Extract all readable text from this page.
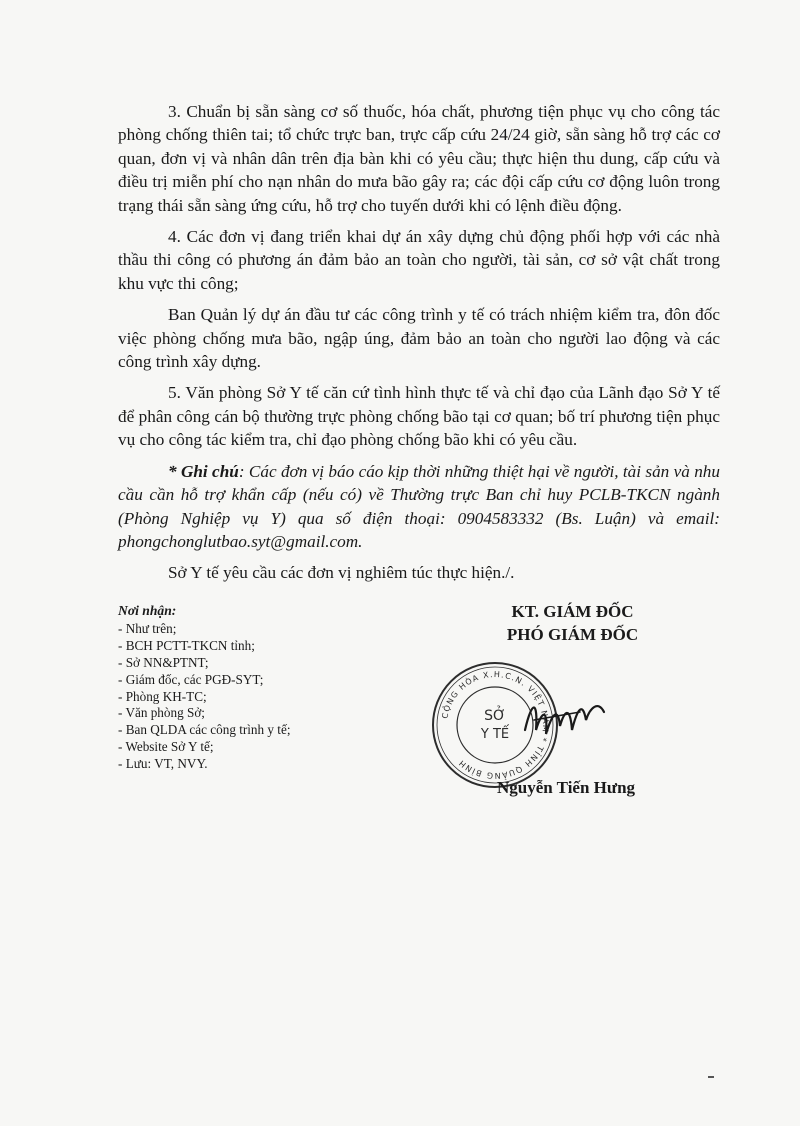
3. Chuẩn bị sẵn sàng cơ số thuốc, hóa chất, phương tiện phục vụ cho công tác phòng chống thiên tai; tổ chức trực ban, trực cấp cứu 24/24 giờ, sẵn sàng hỗ trợ các cơ quan, đơn vị và nhân dân trên địa bàn khi có yêu cầu; thực hiện thu dung, cấp cứu và điều trị miễn phí cho nạn nhân do mưa bão gây ra; các đội cấp cứu cơ động luôn trong trạng thái sẵn sàng ứng cứu, hỗ trợ cho tuyến dưới khi có lệnh điều động.

4. Các đơn vị đang triển khai dự án xây dựng chủ động phối hợp với các nhà thầu thi công có phương án đảm bảo an toàn cho người, tài sản, cơ sở vật chất trong khu vực thi công;

Ban Quản lý dự án đầu tư các công trình y tế có trách nhiệm kiểm tra, đôn đốc việc phòng chống mưa bão, ngập úng, đảm bảo an toàn cho người lao động và các công trình xây dựng.

5. Văn phòng Sở Y tế căn cứ tình hình thực tế và chỉ đạo của Lãnh đạo Sở Y tế để phân công cán bộ thường trực phòng chống bão tại cơ quan; bố trí phương tiện phục vụ cho công tác kiểm tra, chỉ đạo phòng chống bão khi có yêu cầu.

* Ghi chú: Các đơn vị báo cáo kịp thời những thiệt hại về người, tài sản và nhu cầu cần hỗ trợ khẩn cấp (nếu có) về Thường trực Ban chỉ huy PCLB-TKCN ngành (Phòng Nghiệp vụ Y) qua số điện thoại: 0904583332 (Bs. Luận) và email: phongchonglutbao.syt@gmail.com.

Sở Y tế yêu cầu các đơn vị nghiêm túc thực hiện./.

Nơi nhận:
- Như trên;
- BCH PCTT-TKCN tỉnh;
- Sở NN&PTNT;
- Giám đốc, các PGĐ-SYT;
- Phòng KH-TC;
- Văn phòng Sở;
- Ban QLDA các công trình y tế;
- Website Sở Y tế;
- Lưu: VT, NVY.
KT. GIÁM ĐỐC
PHÓ GIÁM ĐỐC
CỘNG HÒA X.H.C.N. VIỆT NAM * TỈNH QUẢNG BÌNH
SỞ
Y TẾ
Nguyễn Tiến Hưng
